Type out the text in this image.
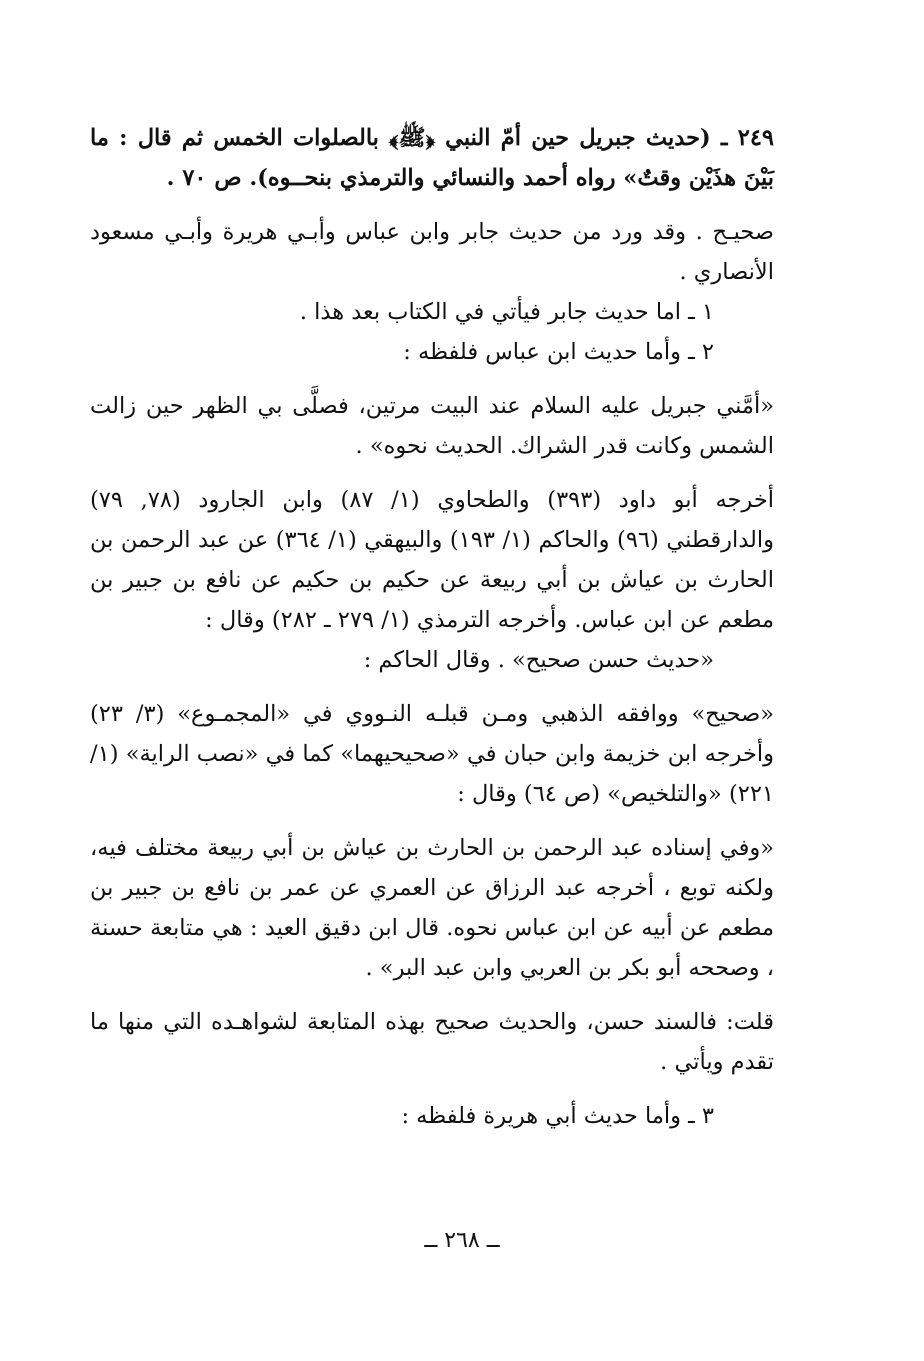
٢٤٩ ـ (حديث جبريل حين أمّ النبي ﴿ﷺ﴾ بالصلوات الخمس ثم قال : ما بَيْنَ هذَيْن وقتٌ» رواه أحمد والنسائي والترمذي بنحــوه). ص ٧٠ .

صحيـح . وقد ورد من حديث جابر وابن عباس وأبـي هريرة وأبـي مسعود الأنصاري .

١ ـ اما حديث جابر فيأتي في الكتاب بعد هذا .

٢ ـ وأما حديث ابن عباس فلفظه :

«أمَّني جبريل عليه السلام عند البيت مرتين، فصلَّى بي الظهر حين زالت الشمس وكانت قدر الشراك. الحديث نحوه» .

أخرجه أبو داود (٣٩٣) والطحاوي (١/ ٨٧) وابن الجارود (٧٨, ٧٩) والدارقطني (٩٦) والحاكم (١/ ١٩٣) والبيهقي (١/ ٣٦٤) عن عبد الرحمن بن الحارث بن عياش بن أبي ربيعة عن حكيم بن حكيم عن نافع بن جبير بن مطعم عن ابن عباس. وأخرجه الترمذي (١/ ٢٧٩ ـ ٢٨٢) وقال :

«حديث حسن صحيح» . وقال الحاكم :

«صحيح» ووافقه الذهبي ومـن قبلـه النـووي في «المجمـوع» (٣/ ٢٣) وأخرجه ابن خزيمة وابن حبان في «صحيحيهما» كما في «نصب الراية» (١/ ٢٢١) «والتلخيص» (ص ٦٤) وقال :

«وفي إسناده عبد الرحمن بن الحارث بن عياش بن أبي ربيعة مختلف فيه، ولكنه توبع ، أخرجه عبد الرزاق عن العمري عن عمر بن نافع بن جبير بن مطعم عن أبيه عن ابن عباس نحوه. قال ابن دقيق العيد : هي متابعة حسنة ، وصححه أبو بكر بن العربي وابن عبد البر» .

قلت: فالسند حسن، والحديث صحيح بهذه المتابعة لشواهـده التي منها ما تقدم ويأتي .

٣ ـ وأما حديث أبي هريرة فلفظه :

ــ ٢٦٨ ــ
